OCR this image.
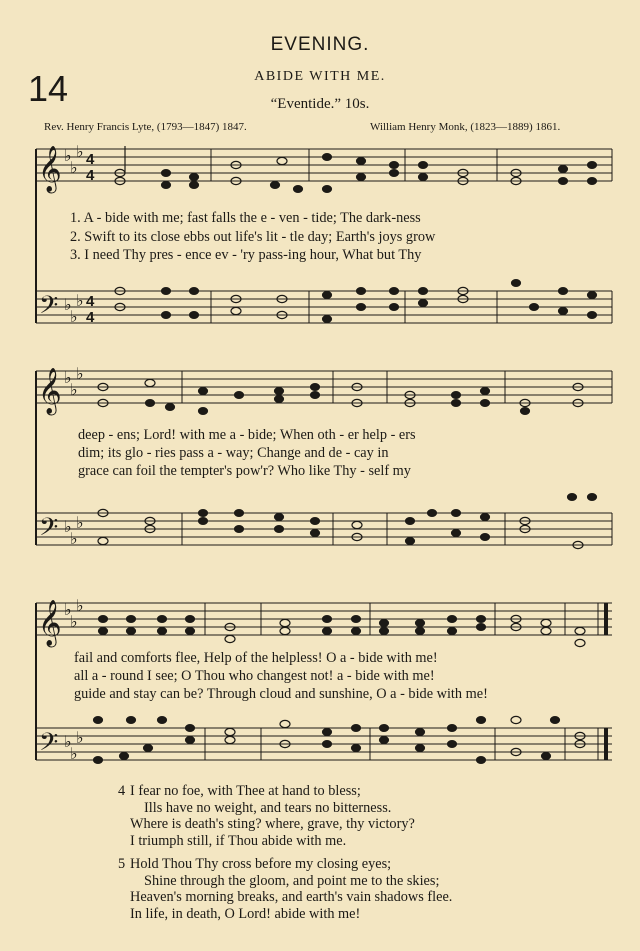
EVENING.
14	ABIDE WITH ME.
“Eventide.” 10s.
Rev. Henry Francis Lyte, (1793—1847) 1847.	William Henry Monk, (1823—1889) 1861.
𝄞
𝄞
𝄞
𝄢
𝄢
𝄢
♭
♭
♭
♭
♭
♭
♭
♭
♭
♭
♭
♭
♭
♭
♭
♭
♭
♭
4
4
4
4
1. A - bide with me; fast falls the e - ven - tide; The dark-ness
2. Swift to its close ebbs out life's lit - tle day; Earth's joys grow
3. I need Thy pres - ence ev - 'ry pass-ing hour, What but Thy
deep - ens; Lord! with me a - bide; When oth - er help - ers
dim; its glo - ries pass a - way; Change and de - cay in
grace can foil the tempter's pow'r? Who like Thy - self my
fail and comforts flee, Help of the helpless! O a - bide with me!
all a - round I see; O Thou who changest not! a - bide with me!
guide and stay can be? Through cloud and sunshine, O a - bide with me!
4 I fear no foe, with Thee at hand to bless;
Ills have no weight, and tears no bitterness.
Where is death's sting? where, grave, thy victory?
I triumph still, if Thou abide with me.
5 Hold Thou Thy cross before my closing eyes;
Shine through the gloom, and point me to the skies;
Heaven's morning breaks, and earth's vain shadows flee.
In life, in death, O Lord! abide with me!
